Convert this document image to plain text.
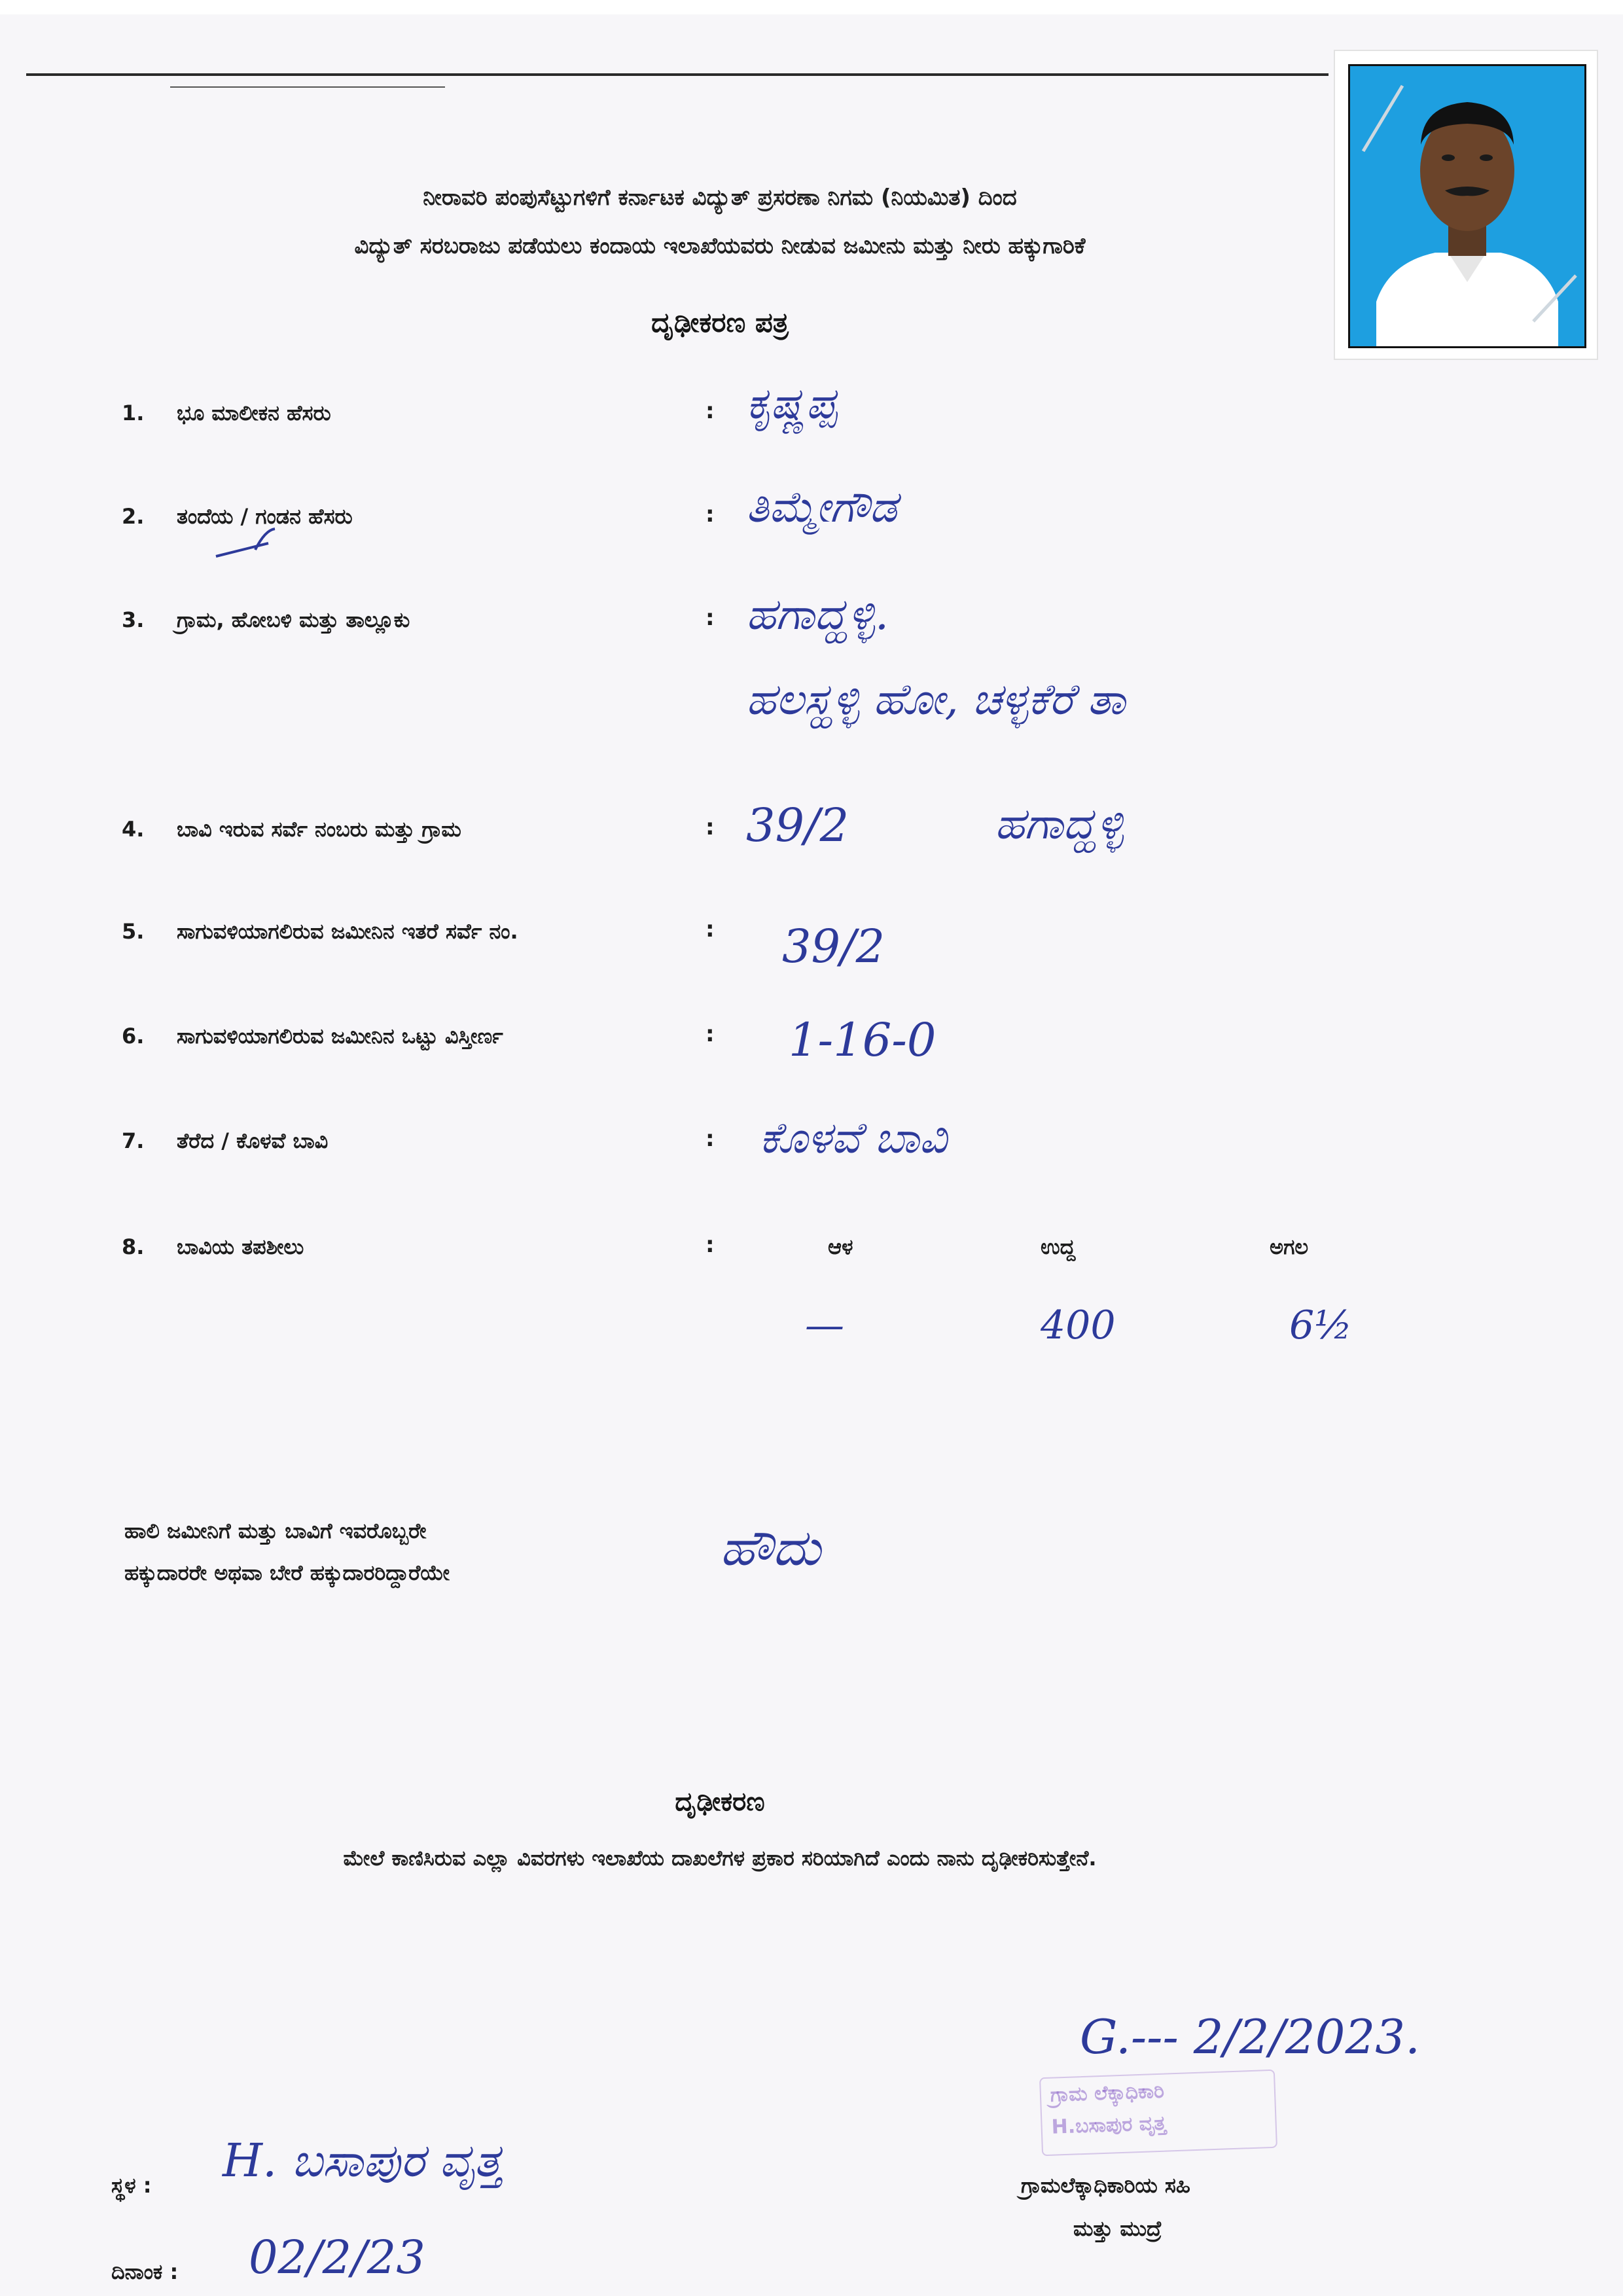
ನೀರಾವರಿ ಪಂಪುಸೆಟ್ಟುಗಳಿಗೆ ಕರ್ನಾಟಕ ವಿದ್ಯುತ್ ಪ್ರಸರಣಾ ನಿಗಮ (ನಿಯಮಿತ) ದಿಂದ
ವಿದ್ಯುತ್ ಸರಬರಾಜು ಪಡೆಯಲು ಕಂದಾಯ ಇಲಾಖೆಯವರು ನೀಡುವ ಜಮೀನು ಮತ್ತು ನೀರು ಹಕ್ಕುಗಾರಿಕೆ
ದೃಢೀಕರಣ ಪತ್ರ
1. ಭೂ ಮಾಲೀಕನ ಹೆಸರು	: ಕೃಷ್ಣಪ್ಪ
2. ತಂದೆಯ / ಗಂಡನ ಹೆಸರು	: ತಿಮ್ಮೇಗೌಡ
3. ಗ್ರಾಮ, ಹೋಬಳಿ ಮತ್ತು ತಾಲ್ಲೂಕು	: ಹಗಾದ್ಹಳ್ಳಿ.
ಹಲಸ್ಹಳ್ಳಿ ಹೋ, ಚಳ್ಳಕೆರೆ ತಾ
4. ಬಾವಿ ಇರುವ ಸರ್ವೆ ನಂಬರು ಮತ್ತು ಗ್ರಾಮ	: 39/2	ಹಗಾದ್ಹಳ್ಳಿ
5. ಸಾಗುವಳಿಯಾಗಲಿರುವ ಜಮೀನಿನ ಇತರೆ ಸರ್ವೆ ನಂ.	: 39/2
6. ಸಾಗುವಳಿಯಾಗಲಿರುವ ಜಮೀನಿನ ಒಟ್ಟು ವಿಸ್ತೀರ್ಣ	: 1-16-0
7. ತೆರೆದ / ಕೊಳವೆ ಬಾವಿ	: ಕೊಳವೆ ಬಾವಿ
8. ಬಾವಿಯ ತಪಶೀಲು	:	ಆಳ	ಉದ್ದ	ಅಗಲ
—	400	6½
ಹಾಲಿ ಜಮೀನಿಗೆ ಮತ್ತು ಬಾವಿಗೆ ಇವರೊಬ್ಬರೇ
ಹಕ್ಕುದಾರರೇ ಅಥವಾ ಬೇರೆ ಹಕ್ಕುದಾರರಿದ್ದಾರೆಯೇ	ಹೌದು
ದೃಢೀಕರಣ
ಮೇಲೆ ಕಾಣಿಸಿರುವ ಎಲ್ಲಾ ವಿವರಗಳು ಇಲಾಖೆಯ ದಾಖಲೆಗಳ ಪ್ರಕಾರ ಸರಿಯಾಗಿದೆ ಎಂದು ನಾನು ದೃಢೀಕರಿಸುತ್ತೇನೆ.
ಗ್ರಾಮ ಲೆಕ್ಕಾಧಿಕಾರಿ
H.ಬಸಾಪುರ ವೃತ್ತ
G.--- 2/2/2023.
ಗ್ರಾಮಲೆಕ್ಕಾಧಿಕಾರಿಯ ಸಹಿ
ಮತ್ತು ಮುದ್ರೆ
ಸ್ಥಳ : H. ಬಸಾಪುರ ವೃತ್ತ
ದಿನಾಂಕ : 02/2/23
